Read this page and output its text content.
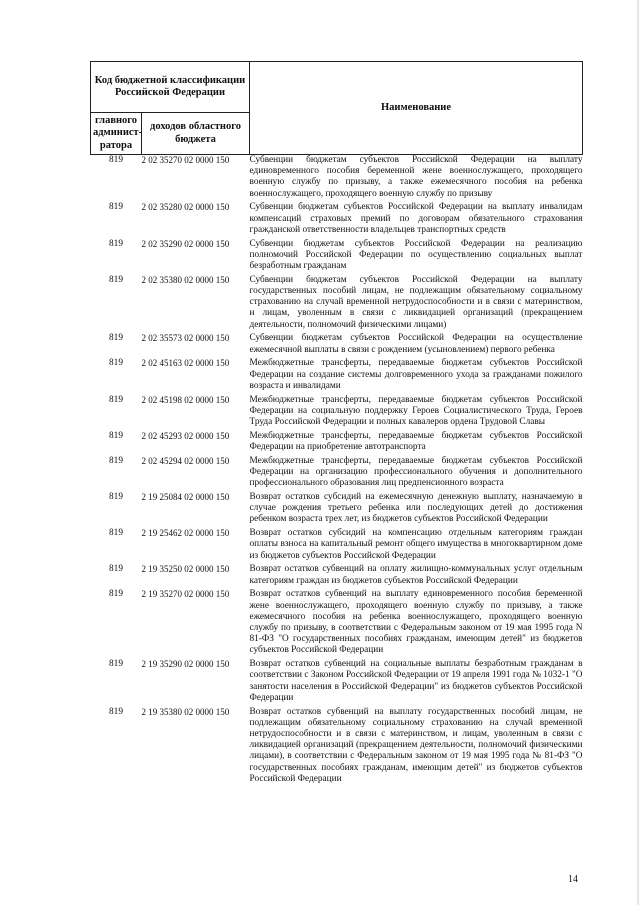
Код бюджетной классификации Российской Федерации		Наименование
главного админист-ратора	доходов областного бюджета	
819	2 02 35270 02 0000 150	Субвенции бюджетам субъектов Российской Федерации на выплату единовременного пособия беременной жене военнослужащего, проходящего военную службу по призыву, а также ежемесячного пособия на ребенка военнослужащего, проходящего военную службу по призыву
819	2 02 35280 02 0000 150	Субвенции бюджетам субъектов Российской Федерации на выплату инвалидам компенсаций страховых премий по договорам обязательного страхования гражданской ответственности владельцев транспортных средств
819	2 02 35290 02 0000 150	Субвенции бюджетам субъектов Российской Федерации на реализацию полномочий Российской Федерации по осуществлению социальных выплат безработным гражданам
819	2 02 35380 02 0000 150	Субвенции бюджетам субъектов Российской Федерации на выплату государственных пособий лицам, не подлежащим обязательному социальному страхованию на случай временной нетрудоспособности и в связи с материнством, и лицам, уволенным в связи с ликвидацией организаций (прекращением деятельности, полномочий физическими лицами)
819	2 02 35573 02 0000 150	Субвенции бюджетам субъектов Российской Федерации на осуществление ежемесячной выплаты в связи с рождением (усыновлением) первого ребенка
819	2 02 45163 02 0000 150	Межбюджетные трансферты, передаваемые бюджетам субъектов Российской Федерации на создание системы долговременного ухода за гражданами пожилого возраста и инвалидами
819	2 02 45198 02 0000 150	Межбюджетные трансферты, передаваемые бюджетам субъектов Российской Федерации на социальную поддержку Героев Социалистического Труда, Героев Труда Российской Федерации и полных кавалеров ордена Трудовой Славы
819	2 02 45293 02 0000 150	Межбюджетные трансферты, передаваемые бюджетам субъектов Российской Федерации на приобретение автотранспорта
819	2 02 45294 02 0000 150	Межбюджетные трансферты, передаваемые бюджетам субъектов Российской Федерации на организацию профессионального обучения и дополнительного профессионального образования лиц предпенсионного возраста
819	2 19 25084 02 0000 150	Возврат остатков субсидий на ежемесячную денежную выплату, назначаемую в случае рождения третьего ребенка или последующих детей до достижения ребенком возраста трех лет, из бюджетов субъектов Российской Федерации
819	2 19 25462 02 0000 150	Возврат остатков субсидий на компенсацию отдельным категориям граждан оплаты взноса на капитальный ремонт общего имущества в многоквартирном доме из бюджетов субъектов Российской Федерации
819	2 19 35250 02 0000 150	Возврат остатков субвенций на оплату жилищно-коммунальных услуг отдельным категориям граждан из бюджетов субъектов Российской Федерации
819	2 19 35270 02 0000 150	Возврат остатков субвенций на выплату единовременного пособия беременной жене военнослужащего, проходящего военную службу по призыву, а также ежемесячного пособия на ребенка военнослужащего, проходящего военную службу по призыву, в соответствии с Федеральным законом от 19 мая 1995 года N 81-ФЗ "О государственных пособиях гражданам, имеющим детей" из бюджетов субъектов Российской Федерации
819	2 19 35290 02 0000 150	Возврат остатков субвенций на социальные выплаты безработным гражданам в соответствии с Законом Российской Федерации от 19 апреля 1991 года № 1032-1 "О занятости населения в Российской Федерации" из бюджетов субъектов Российской Федерации
819	2 19 35380 02 0000 150	Возврат остатков субвенций на выплату государственных пособий лицам, не подлежащим обязательному социальному страхованию на случай временной нетрудоспособности и в связи с материнством, и лицам, уволенным в связи с ликвидацией организаций (прекращением деятельности, полномочий физическими лицами), в соответствии с Федеральным законом от 19 мая 1995 года № 81-ФЗ "О государственных пособиях гражданам, имеющим детей" из бюджетов субъектов Российской Федерации
14
